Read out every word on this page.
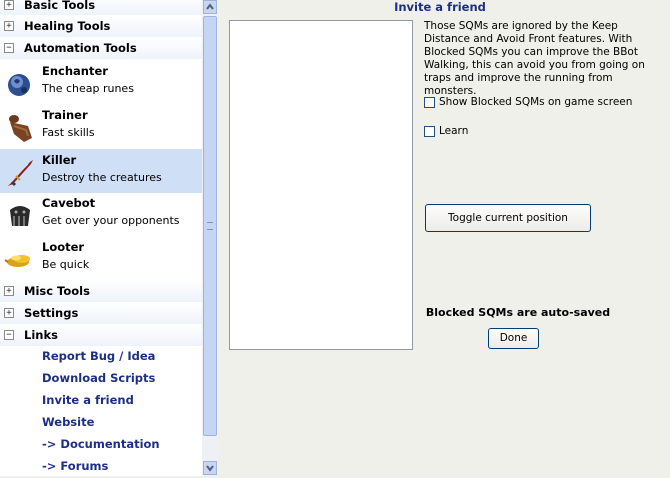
+ Basic Tools
+ Healing Tools
− Automation Tools
Enchanter
The cheap runes
Trainer
Fast skills
Killer
Destroy the creatures
Cavebot
Get over your opponents
Looter
Be quick
+ Misc Tools
+ Settings
− Links
Report Bug / Idea
Download Scripts
Invite a friend
Website
-> Documentation
-> Forums
Invite a friend
Those SQMs are ignored by the Keep Distance and Avoid Front features. With Blocked SQMs you can improve the BBot Walking, this can avoid you from going on traps and improve the running from monsters.
Show Blocked SQMs on game screen
Learn
Toggle current position
Blocked SQMs are auto-saved
Done
